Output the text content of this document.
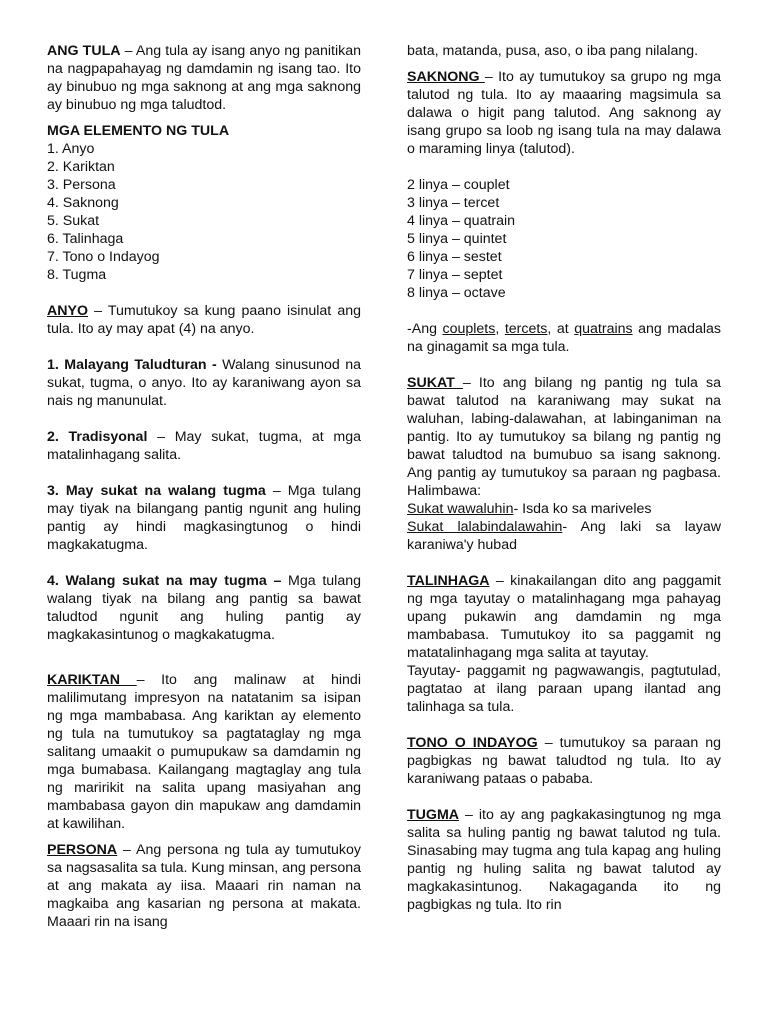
ANG TULA – Ang tula ay isang anyo ng panitikan na nagpapahayag ng damdamin ng isang tao. Ito ay binubuo ng mga saknong at ang mga saknong ay binubuo ng mga taludtod.

MGA ELEMENTO NG TULA

1. Anyo
2. Kariktan
3. Persona
4. Saknong
5. Sukat
6. Talinhaga
7. Tono o Indayog
8. Tugma

ANYO – Tumutukoy sa kung paano isinulat ang tula. Ito ay may apat (4) na anyo.

1. Malayang Taludturan - Walang sinusunod na sukat, tugma, o anyo. Ito ay karaniwang ayon sa nais ng manunulat.

2. Tradisyonal – May sukat, tugma, at mga matalinhagang salita.

3. May sukat na walang tugma – Mga tulang may tiyak na bilangang pantig ngunit ang huling pantig ay hindi magkasingtunog o hindi magkakatugma.

4. Walang sukat na may tugma – Mga tulang walang tiyak na bilang ang pantig sa bawat taludtod ngunit ang huling pantig ay magkakasintunog o magkakatugma.

KARIKTAN – Ito ang malinaw at hindi malilimutang impresyon na natatanim sa isipan ng mga mambabasa. Ang kariktan ay elemento ng tula na tumutukoy sa pagtataglay ng mga salitang umaakit o pumupukaw sa damdamin ng mga bumabasa. Kailangang magtaglay ang tula ng maririkit na salita upang masiyahan ang mambabasa gayon din mapukaw ang damdamin at kawilihan.

PERSONA – Ang persona ng tula ay tumutukoy sa nagsasalita sa tula. Kung minsan, ang persona at ang makata ay iisa. Maaari rin naman na magkaiba ang kasarian ng persona at makata. Maaari rin na isang

bata, matanda, pusa, aso, o iba pang nilalang.

SAKNONG – Ito ay tumutukoy sa grupo ng mga talutod ng tula. Ito ay maaaring magsimula sa dalawa o higit pang talutod. Ang saknong ay isang grupo sa loob ng isang tula na may dalawa o maraming linya (talutod).

2 linya – couplet
3 linya – tercet
4 linya – quatrain
5 linya – quintet
6 linya – sestet
7 linya – septet
8 linya – octave

-Ang couplets, tercets, at quatrains ang madalas na ginagamit sa mga tula.

SUKAT – Ito ang bilang ng pantig ng tula sa bawat talutod na karaniwang may sukat na waluhan, labing-dalawahan, at labinganiman na pantig. Ito ay tumutukoy sa bilang ng pantig ng bawat taludtod na bumubuo sa isang saknong. Ang pantig ay tumutukoy sa paraan ng pagbasa. Halimbawa:

Sukat wawaluhin- Isda ko sa mariveles

Sukat lalabindalawahin- Ang laki sa layaw karaniwa'y hubad

TALINHAGA – kinakailangan dito ang paggamit ng mga tayutay o matalinhagang mga pahayag upang pukawin ang damdamin ng mga mambabasa. Tumutukoy ito sa paggamit ng matatalinhagang mga salita at tayutay.

Tayutay- paggamit ng pagwawangis, pagtutulad, pagtatao at ilang paraan upang ilantad ang talinhaga sa tula.

TONO O INDAYOG – tumutukoy sa paraan ng pagbigkas ng bawat taludtod ng tula. Ito ay karaniwang pataas o pababa.

TUGMA – ito ay ang pagkakasingtunog ng mga salita sa huling pantig ng bawat talutod ng tula. Sinasabing may tugma ang tula kapag ang huling pantig ng huling salita ng bawat talutod ay magkakasintunog. Nakagaganda ito ng pagbigkas ng tula. Ito rin
